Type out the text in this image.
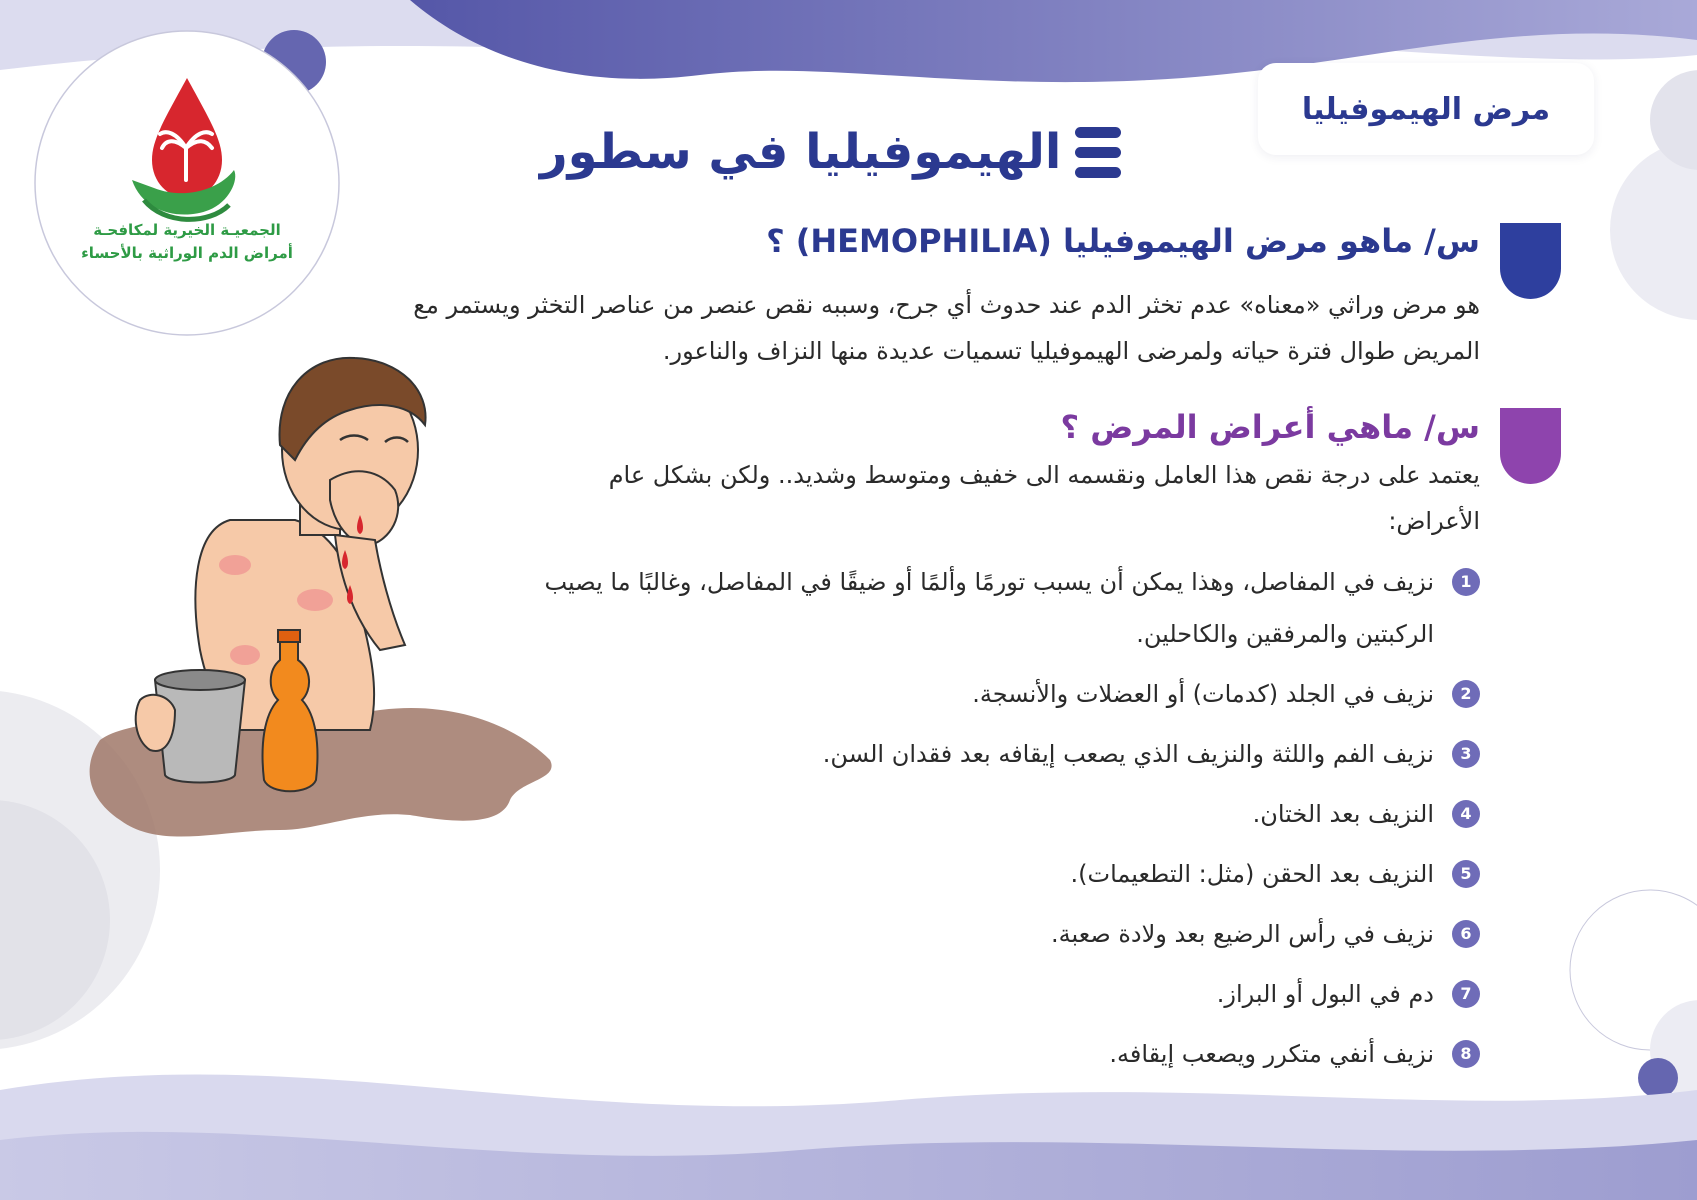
الجمعيـة الخيرية لمكافحـة
أمراض الدم الوراثية بالأحساء
مرض الهيموفيليا
الهيموفيليا في سطور
س/ ماهو مرض الهيموفيليا (HEMOPHILIA) ؟
هو مرض وراثي «معناه» عدم تخثر الدم عند حدوث أي جرح، وسببه نقص عنصر من عناصر التخثر ويستمر مع المريض طوال فترة حياته ولمرضى الهيموفيليا تسميات عديدة منها النزاف والناعور.
س/ ماهي أعراض المرض ؟
يعتمد على درجة نقص هذا العامل ونقسمه الى خفيف ومتوسط وشديد.. ولكن بشكل عام الأعراض:
1
نزيف في المفاصل، وهذا يمكن أن يسبب تورمًا وألمًا أو ضيقًا في المفاصل، وغالبًا ما يصيب الركبتين والمرفقين والكاحلين.
2
نزيف في الجلد (كدمات) أو العضلات والأنسجة.
3
نزيف الفم واللثة والنزيف الذي يصعب إيقافه بعد فقدان السن.
4
النزيف بعد الختان.
5
النزيف بعد الحقن (مثل: التطعيمات).
6
نزيف في رأس الرضيع بعد ولادة صعبة.
7
دم في البول أو البراز.
8
نزيف أنفي متكرر ويصعب إيقافه.
